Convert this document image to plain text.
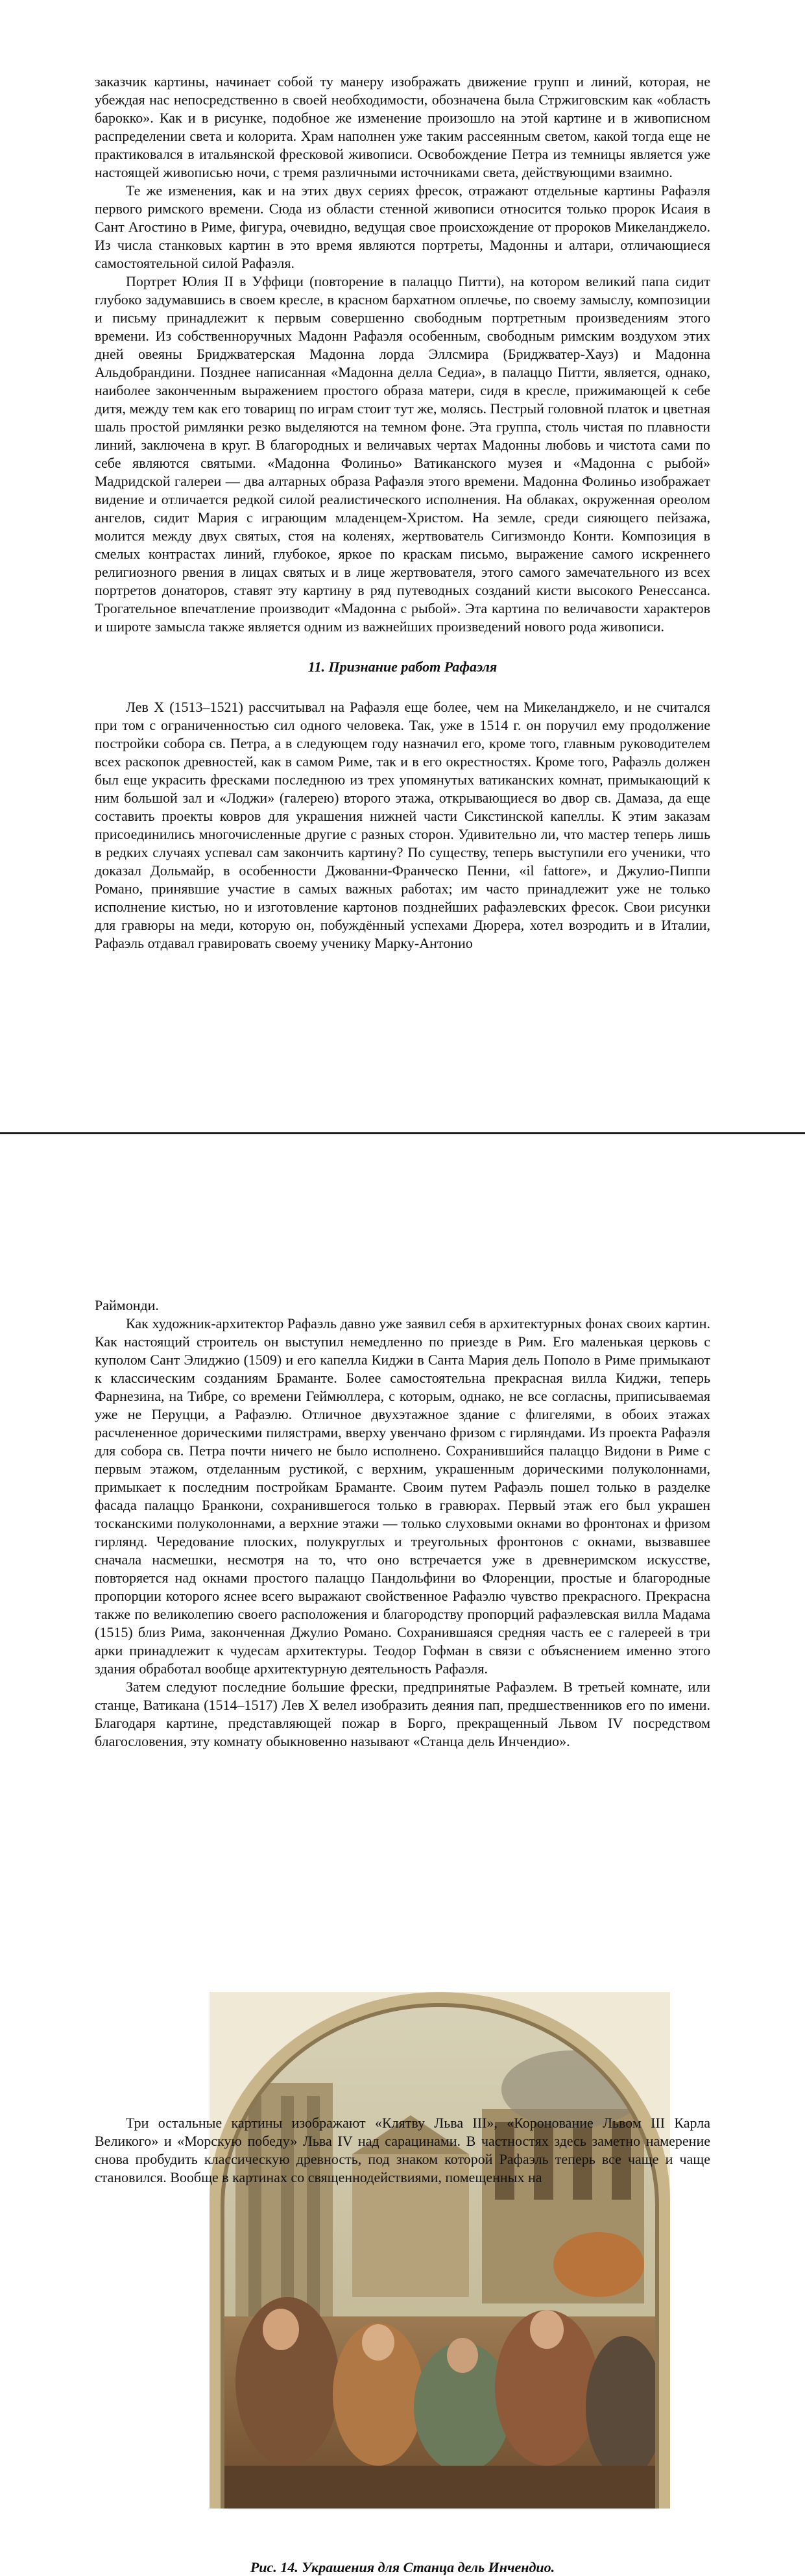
заказчик картины, начинает собой ту манеру изображать движение групп и линий, которая, не убеждая нас непосредственно в своей необходимости, обозначена была Стржиговским как «область барокко». Как и в рисунке, подобное же изменение произошло на этой картине и в живописном распределении света и колорита. Храм наполнен уже таким рассеянным светом, какой тогда еще не практиковался в итальянской фресковой живописи. Освобождение Петра из темницы является уже настоящей живописью ночи, с тремя различными источниками света, действующими взаимно.

Те же изменения, как и на этих двух сериях фресок, отражают отдельные картины Рафаэля первого римского времени. Сюда из области стенной живописи относится только пророк Исаия в Сант Агостино в Риме, фигура, очевидно, ведущая свое происхождение от пророков Микеланджело. Из числа станковых картин в это время являются портреты, Мадонны и алтари, отличающиеся самостоятельной силой Рафаэля.

Портрет Юлия II в Уффици (повторение в палаццо Питти), на котором великий папа сидит глубоко задумавшись в своем кресле, в красном бархатном оплечье, по своему замыслу, композиции и письму принадлежит к первым совершенно свободным портретным произведениям этого времени. Из собственноручных Мадонн Рафаэля особенным, свободным римским воздухом этих дней овеяны Бриджватерская Мадонна лорда Эллсмира (Бриджватер-Хауз) и Мадонна Альдобрандини. Позднее написанная «Мадонна делла Седиа», в палаццо Питти, является, однако, наиболее законченным выражением простого образа матери, сидя в кресле, прижимающей к себе дитя, между тем как его товарищ по играм стоит тут же, молясь. Пестрый головной платок и цветная шаль простой римлянки резко выделяются на темном фоне. Эта группа, столь чистая по плавности линий, заключена в круг. В благородных и величавых чертах Мадонны любовь и чистота сами по себе являются святыми. «Мадонна Фолиньо» Ватиканского музея и «Мадонна с рыбой» Мадридской галереи — два алтарных образа Рафаэля этого времени. Мадонна Фолиньо изображает видение и отличается редкой силой реалистического исполнения. На облаках, окруженная ореолом ангелов, сидит Мария с играющим младенцем-Христом. На земле, среди сияющего пейзажа, молится между двух святых, стоя на коленях, жертвователь Сигизмондо Конти. Композиция в смелых контрастах линий, глубокое, яркое по краскам письмо, выражение самого искреннего религиозного рвения в лицах святых и в лице жертвователя, этого самого замечательного из всех портретов донаторов, ставят эту картину в ряд путеводных созданий кисти высокого Ренессанса. Трогательное впечатление производит «Мадонна с рыбой». Эта картина по величавости характеров и широте замысла также является одним из важнейших произведений нового рода живописи.

11. Признание работ Рафаэля

Лев X (1513–1521) рассчитывал на Рафаэля еще более, чем на Микеланджело, и не считался при том с ограниченностью сил одного человека. Так, уже в 1514 г. он поручил ему продолжение постройки собора св. Петра, а в следующем году назначил его, кроме того, главным руководителем всех раскопок древностей, как в самом Риме, так и в его окрестностях. Кроме того, Рафаэль должен был еще украсить фресками последнюю из трех упомянутых ватиканских комнат, примыкающий к ним большой зал и «Лоджи» (галерею) второго этажа, открывающиеся во двор св. Дамаза, да еще составить проекты ковров для украшения нижней части Сикстинской капеллы. К этим заказам присоединились многочисленные другие с разных сторон. Удивительно ли, что мастер теперь лишь в редких случаях успевал сам закончить картину? По существу, теперь выступили его ученики, что доказал Дольмайр, в особенности Джованни-Франческо Пенни, «il fattore», и Джулио-Пиппи Романо, принявшие участие в самых важных работах; им часто принадлежит уже не только исполнение кистью, но и изготовление картонов позднейших рафаэлевских фресок. Свои рисунки для гравюры на меди, которую он, побуждённый успехами Дюрера, хотел возродить и в Италии, Рафаэль отдавал гравировать своему ученику Марку-Антонио

Раймонди.

Как художник-архитектор Рафаэль давно уже заявил себя в архитектурных фонах своих картин. Как настоящий строитель он выступил немедленно по приезде в Рим. Его маленькая церковь с куполом Сант Элиджио (1509) и его капелла Киджи в Санта Мария дель Пополо в Риме примыкают к классическим созданиям Браманте. Более самостоятельна прекрасная вилла Киджи, теперь Фарнезина, на Тибре, со времени Геймюллера, с которым, однако, не все согласны, приписываемая уже не Перуцци, а Рафаэлю. Отличное двухэтажное здание с флигелями, в обоих этажах расчлененное дорическими пилястрами, вверху увенчано фризом с гирляндами. Из проекта Рафаэля для собора св. Петра почти ничего не было исполнено. Сохранившийся палаццо Видони в Риме с первым этажом, отделанным рустикой, с верхним, украшенным дорическими полуколоннами, примыкает к последним постройкам Браманте. Своим путем Рафаэль пошел только в разделке фасада палаццо Бранкони, сохранившегося только в гравюрах. Первый этаж его был украшен тосканскими полуколоннами, а верхние этажи — только слуховыми окнами во фронтонах и фризом гирлянд. Чередование плоских, полукруглых и треугольных фронтонов с окнами, вызвавшее сначала насмешки, несмотря на то, что оно встречается уже в древнеримском искусстве, повторяется над окнами простого палаццо Пандольфини во Флоренции, простые и благородные пропорции которого яснее всего выражают свойственное Рафаэлю чувство прекрасного. Прекрасна также по великолепию своего расположения и благородству пропорций рафаэлевская вилла Мадама (1515) близ Рима, законченная Джулио Романо. Сохранившаяся средняя часть ее с галереей в три арки принадлежит к чудесам архитектуры. Теодор Гофман в связи с объяснением именно этого здания обработал вообще архитектурную деятельность Рафаэля.

Затем следуют последние большие фрески, предпринятые Рафаэлем. В третьей комнате, или станце, Ватикана (1514–1517) Лев X велел изобразить деяния пап, предшественников его по имени. Благодаря картине, представляющей пожар в Борго, прекращенный Львом IV посредством благословения, эту комнату обыкновенно называют «Станца дель Инчендио».

Рис. 14. Украшения для Станца дель Инчендио.

Три остальные картины изображают «Клятву Льва III», «Коронование Львом III Карла Великого» и «Морскую победу» Льва IV над сарацинами. В частностях здесь заметно намерение снова пробудить классическую древность, под знаком которой Рафаэль теперь все чаще и чаще становился. Вообще в картинах со священнодействиями, помещенных на
